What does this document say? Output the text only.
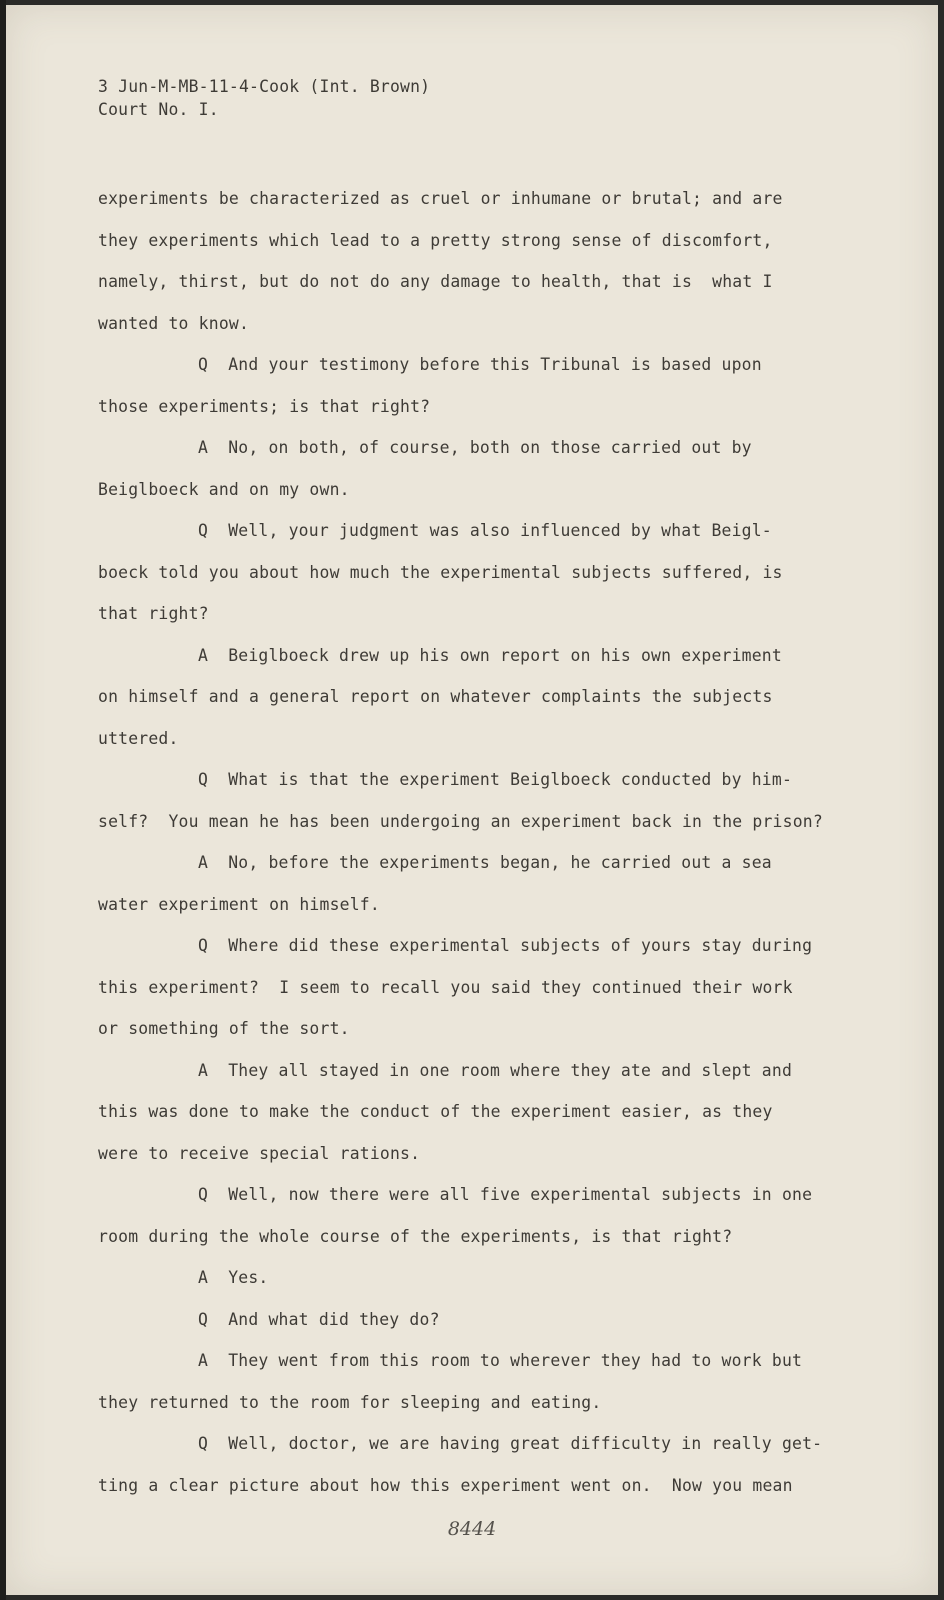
3 Jun-M-MB-11-4-Cook (Int. Brown)
Court No. I.
experiments be characterized as cruel or inhumane or brutal; and are
they experiments which lead to a pretty strong sense of discomfort,
namely, thirst, but do not do any damage to health, that is  what I
wanted to know.
Q  And your testimony before this Tribunal is based upon
those experiments; is that right?
A  No, on both, of course, both on those carried out by
Beiglboeck and on my own.
Q  Well, your judgment was also influenced by what Beigl-
boeck told you about how much the experimental subjects suffered, is
that right?
A  Beiglboeck drew up his own report on his own experiment
on himself and a general report on whatever complaints the subjects
uttered.
Q  What is that the experiment Beiglboeck conducted by him-
self?  You mean he has been undergoing an experiment back in the prison?
A  No, before the experiments began, he carried out a sea
water experiment on himself.
Q  Where did these experimental subjects of yours stay during
this experiment?  I seem to recall you said they continued their work
or something of the sort.
A  They all stayed in one room where they ate and slept and
this was done to make the conduct of the experiment easier, as they
were to receive special rations.
Q  Well, now there were all five experimental subjects in one
room during the whole course of the experiments, is that right?
A  Yes.
Q  And what did they do?
A  They went from this room to wherever they had to work but
they returned to the room for sleeping and eating.
Q  Well, doctor, we are having great difficulty in really get-
ting a clear picture about how this experiment went on.  Now you mean
8444
